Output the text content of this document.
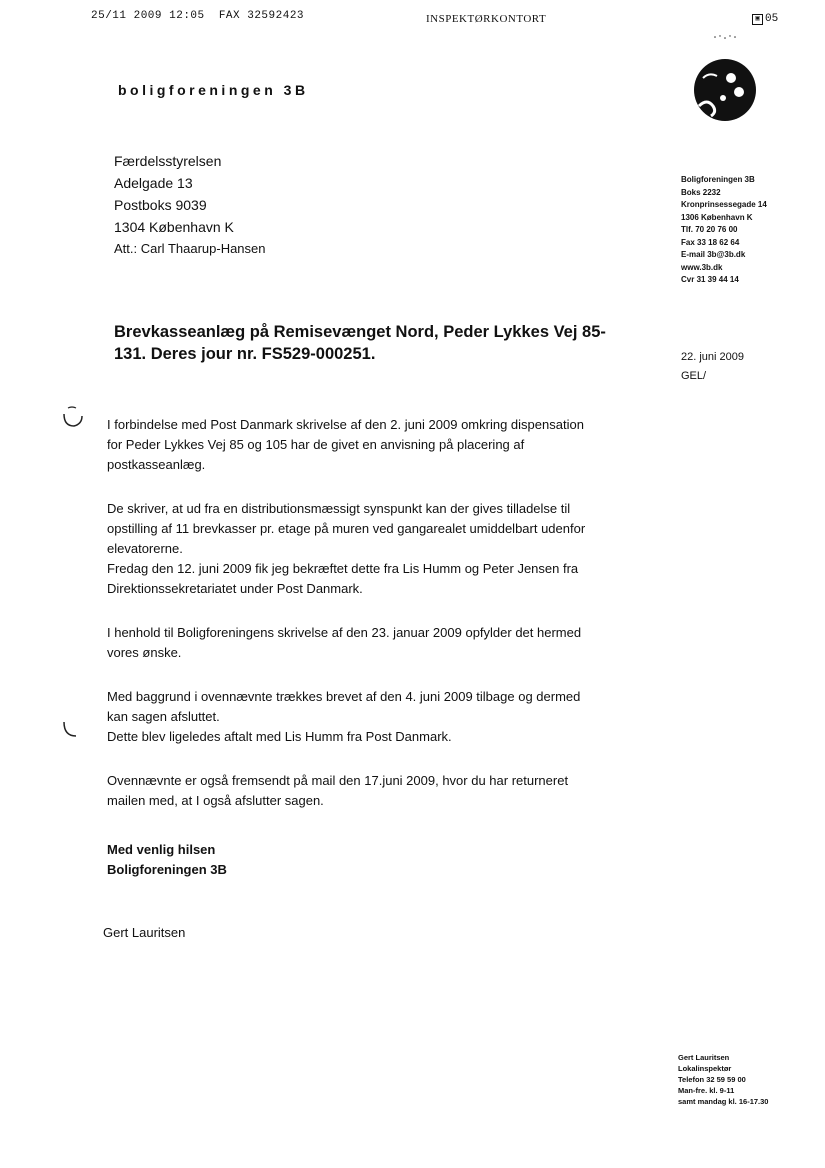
25/11 2009 12:05  FAX 32592423	INSPEKTØRKONTORT	▣ 05
boligforeningen 3B
Færdelsstyrelsen
Adelgade 13
Postboks 9039
1304 København K
Att.: Carl Thaarup-Hansen
Boligforeningen 3B
Boks 2232
Kronprinsessegade 14
1306 København K
Tlf. 70 20 76 00
Fax 33 18 62 64
E-mail 3b@3b.dk
www.3b.dk
Cvr 31 39 44 14
Brevkasseanlæg på Remisevænget Nord, Peder Lykkes Vej 85-
131. Deres jour nr. FS529-000251.	22. juni 2009
GEL/

I forbindelse med Post Danmark skrivelse af den 2. juni 2009 omkring dispensation
for Peder Lykkes Vej 85 og 105 har de givet en anvisning på placering af
postkasseanlæg.

De skriver, at ud fra en distributionsmæssigt synspunkt kan der gives tilladelse til
opstilling af 11 brevkasser pr. etage på muren ved gangarealet umiddelbart udenfor
elevatorerne.
Fredag den 12. juni 2009 fik jeg bekræftet dette fra Lis Humm og Peter Jensen fra
Direktionssekretariatet under Post Danmark.

I henhold til Boligforeningens skrivelse af den 23. januar 2009 opfylder det hermed
vores ønske.

Med baggrund i ovennævnte trækkes brevet af den 4. juni 2009 tilbage og dermed
kan sagen afsluttet.
Dette blev ligeledes aftalt med Lis Humm fra Post Danmark.

Ovennævnte er også fremsendt på mail den 17.juni 2009, hvor du har returneret
mailen med, at I også afslutter sagen.

Med venlig hilsen
Boligforeningen 3B
Gert Lauritsen
Gert Lauritsen
Lokalinspektør
Telefon 32 59 59 00
Man-fre. kl. 9-11
samt mandag kl. 16-17.30
